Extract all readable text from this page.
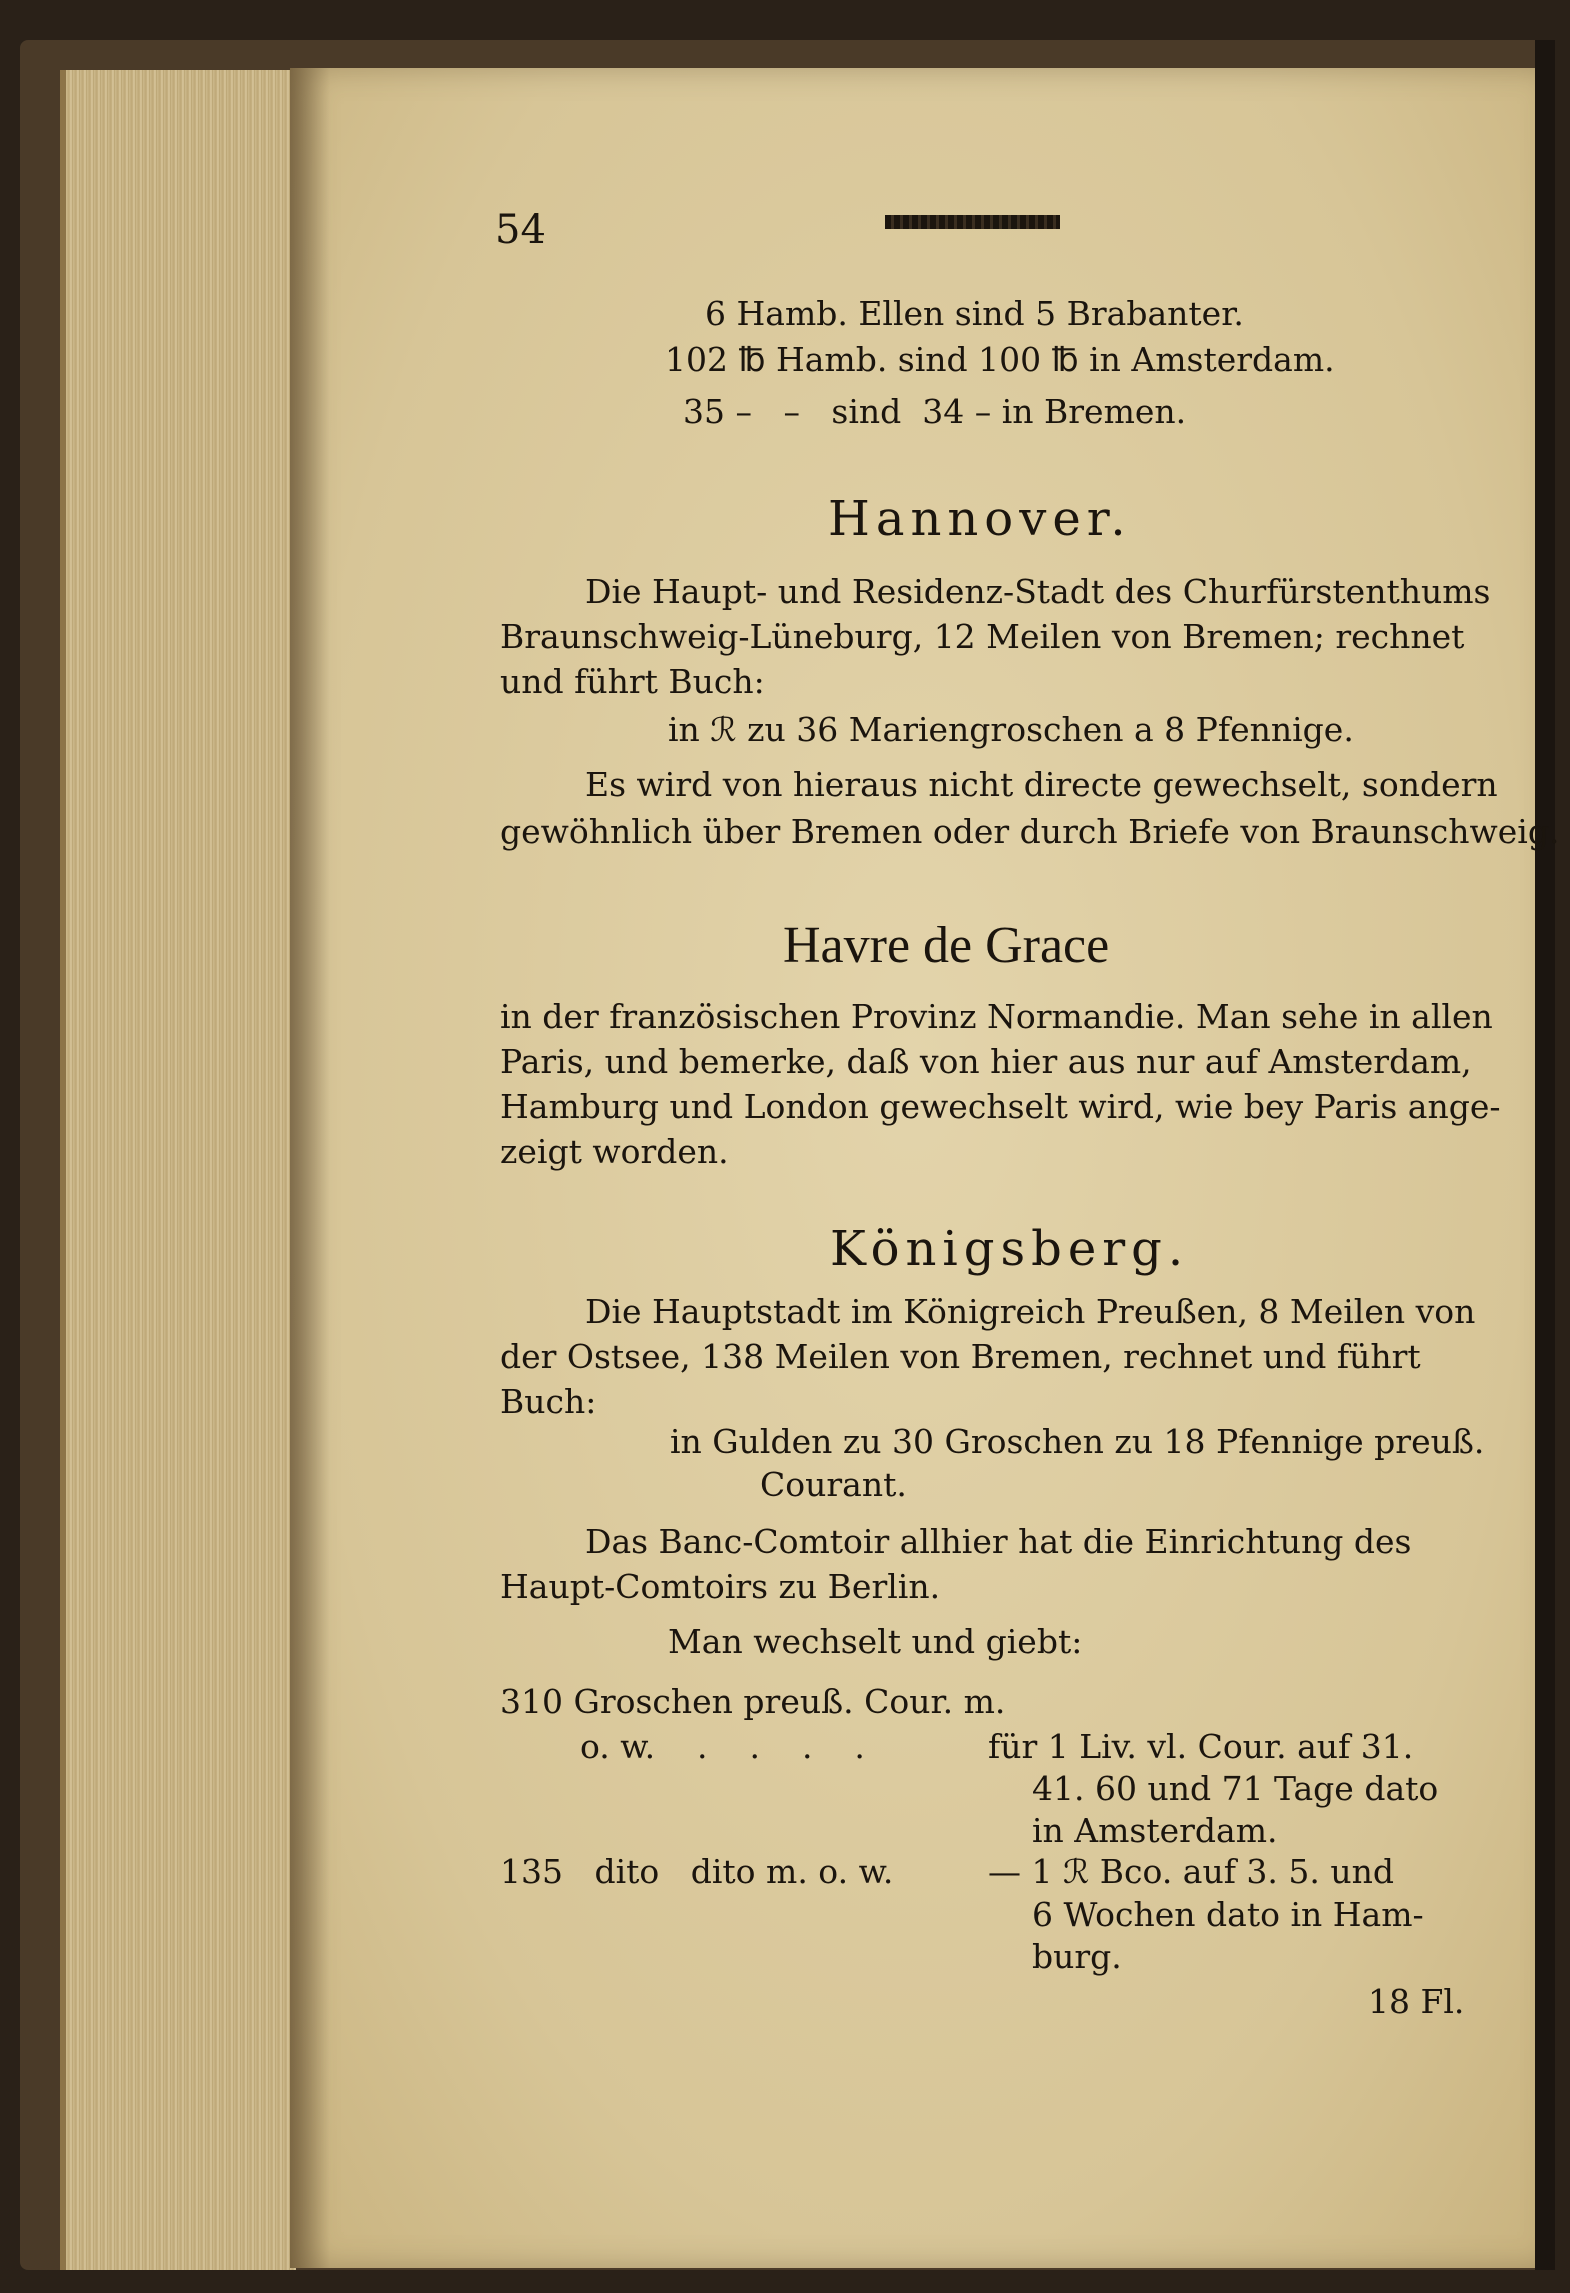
54
6 Hamb. Ellen sind 5 Brabanter.
102 ℔ Hamb. sind 100 ℔ in Amsterdam.
35 –   –   sind  34 – in Bremen.
Hannover.
Die Haupt- und Residenz-Stadt des Churfürstenthums
Braunschweig-Lüneburg, 12 Meilen von Bremen; rechnet
und führt Buch:
in ℛ zu 36 Mariengroschen a 8 Pfennige.
Es wird von hieraus nicht directe gewechselt, sondern
gewöhnlich über Bremen oder durch Briefe von Braunschweig.
Havre de Grace
in der französischen Provinz Normandie. Man sehe in allen
Paris, und bemerke, daß von hier aus nur auf Amsterdam,
Hamburg und London gewechselt wird, wie bey Paris ange-
zeigt worden.
Königsberg.
Die Hauptstadt im Königreich Preußen, 8 Meilen von
der Ostsee, 138 Meilen von Bremen, rechnet und führt
Buch:
in Gulden zu 30 Groschen zu 18 Pfennige preuß.
Courant.
Das Banc-Comtoir allhier hat die Einrichtung des
Haupt-Comtoirs zu Berlin.
Man wechselt und giebt:
310 Groschen preuß. Cour. m.
o. w.    .    .    .    .	für 1 Liv. vl. Cour. auf 31.
41. 60 und 71 Tage dato
in Amsterdam.
135   dito   dito m. o. w.	— 1 ℛ Bco. auf 3. 5. und
6 Wochen dato in Ham-
burg.
18 Fl.
